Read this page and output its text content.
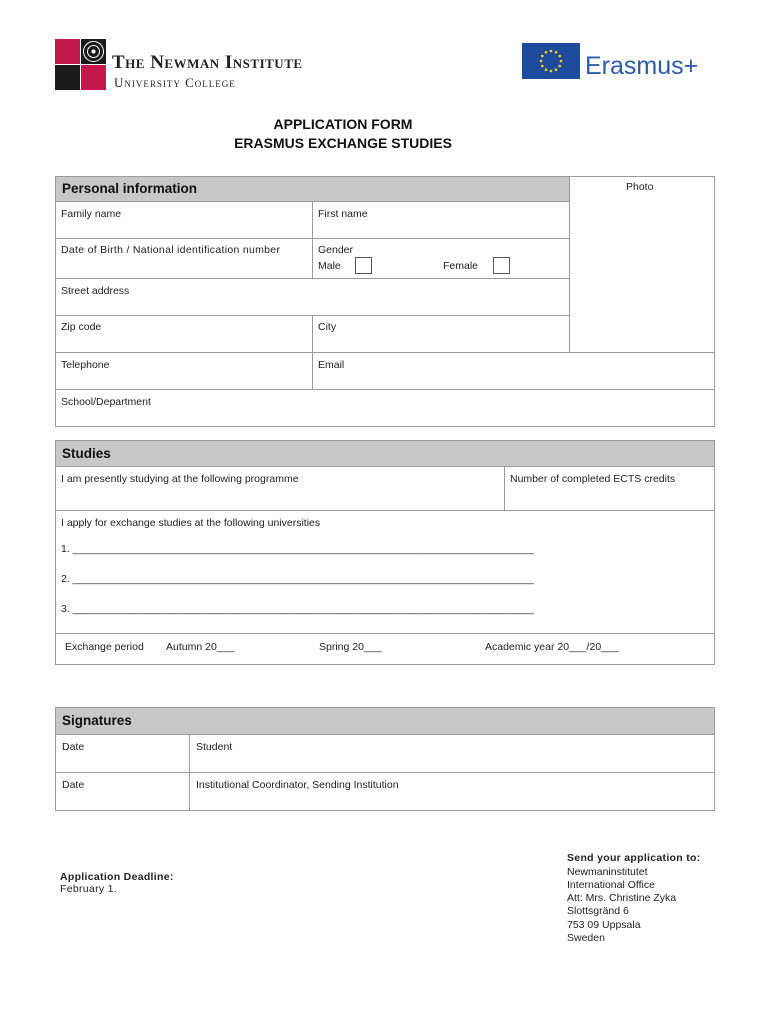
The Newman Institute
University College
Erasmus+
APPLICATION FORM
ERASMUS EXCHANGE STUDIES
Personal information	Photo
Family name	First name
Date of Birth / National identification number	Gender
Male	Female
Street address
Zip code	City
Telephone	Email
School/Department
Studies
I am presently studying at the following programme	Number of completed ECTS credits
I apply for exchange studies at the following universities
1. _______________________________________________________________________________
2. _______________________________________________________________________________
3. _______________________________________________________________________________
Exchange period Autumn 20___	Spring 20___	Academic year 20___/20___
Signatures
Date	Student
Date	Institutional Coordinator, Sending Institution
Application Deadline:
February 1.
Send your application to:
Newmaninstitutet
International Office
Att: Mrs. Christine Zyka
Slottsgränd 6
753 09 Uppsala
Sweden
